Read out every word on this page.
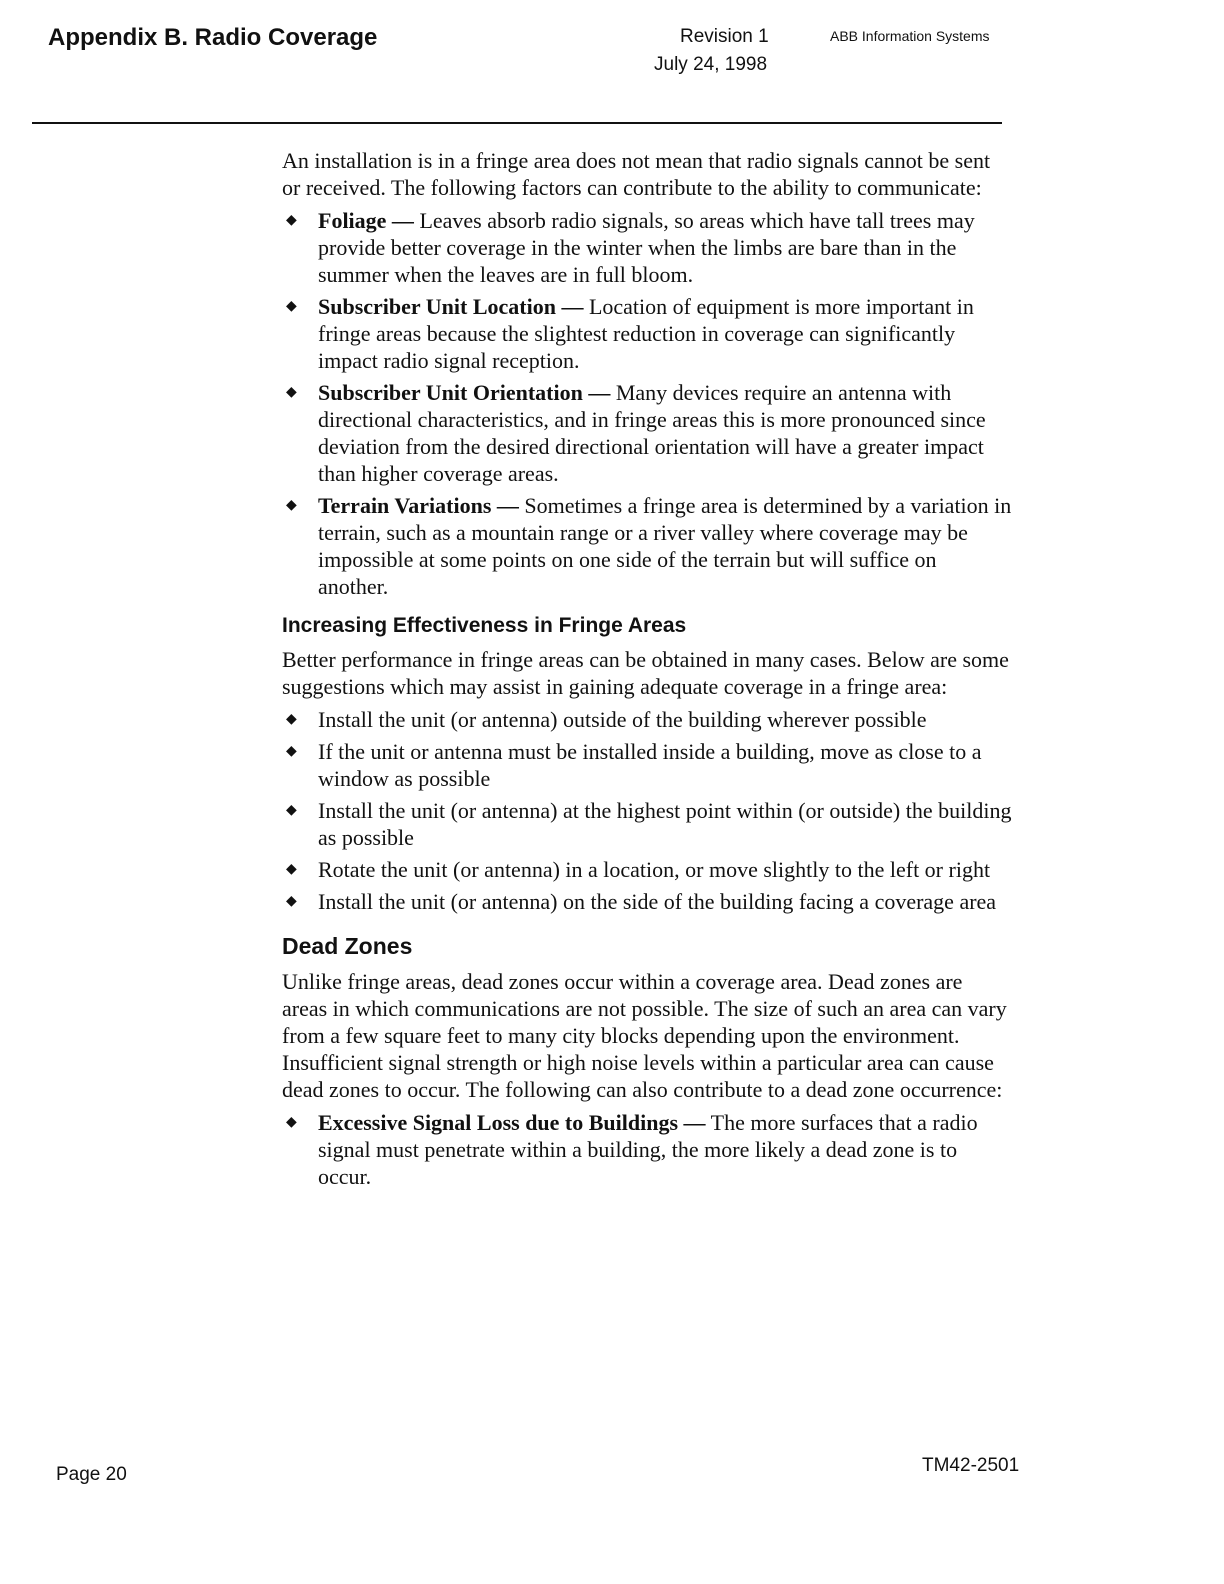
Appendix B. Radio Coverage	Revision 1
July 24, 1998
ABB Information Systems

An installation is in a fringe area does not mean that radio signals cannot be sent or received. The following factors can contribute to the ability to communicate:

◆ Foliage — Leaves absorb radio signals, so areas which have tall trees may provide better coverage in the winter when the limbs are bare than in the summer when the leaves are in full bloom.
◆ Subscriber Unit Location — Location of equipment is more important in fringe areas because the slightest reduction in coverage can significantly impact radio signal reception.
◆ Subscriber Unit Orientation — Many devices require an antenna with directional characteristics, and in fringe areas this is more pronounced since deviation from the desired directional orientation will have a greater impact than higher coverage areas.
◆ Terrain Variations — Sometimes a fringe area is determined by a variation in terrain, such as a mountain range or a river valley where coverage may be impossible at some points on one side of the terrain but will suffice on another.
Increasing Effectiveness in Fringe Areas

Better performance in fringe areas can be obtained in many cases. Below are some suggestions which may assist in gaining adequate coverage in a fringe area:

◆ Install the unit (or antenna) outside of the building wherever possible
◆ If the unit or antenna must be installed inside a building, move as close to a window as possible
◆ Install the unit (or antenna) at the highest point within (or outside) the building as possible
◆ Rotate the unit (or antenna) in a location, or move slightly to the left or right
◆ Install the unit (or antenna) on the side of the building facing a coverage area
Dead Zones

Unlike fringe areas, dead zones occur within a coverage area. Dead zones are areas in which communications are not possible. The size of such an area can vary from a few square feet to many city blocks depending upon the environment. Insufficient signal strength or high noise levels within a particular area can cause dead zones to occur. The following can also contribute to a dead zone occurrence:

◆ Excessive Signal Loss due to Buildings — The more surfaces that a radio signal must penetrate within a building, the more likely a dead zone is to occur.
Page 20	TM42-2501
